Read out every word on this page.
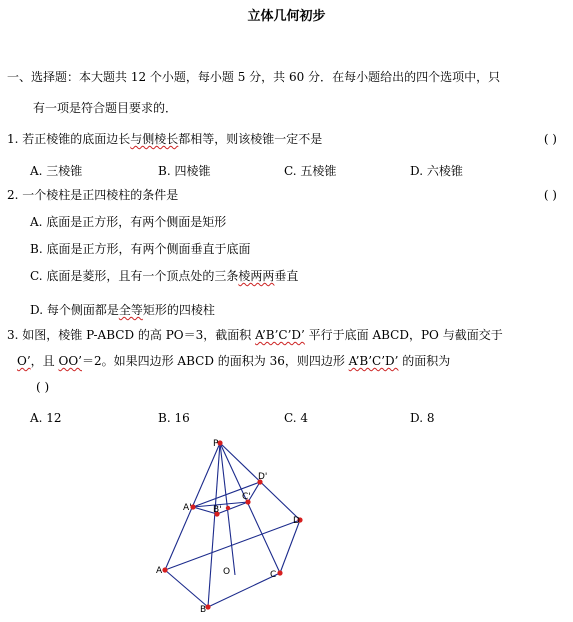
立体几何初步
一、选择题：本大题共 12 个小题，每小题 5 分，共 60 分．在每小题给出的四个选项中，只
有一项是符合题目要求的．
1. 若正棱锥的底面边长与侧棱长都相等，则该棱锥一定不是	( )
A. 三棱锥	B. 四棱锥	C. 五棱锥	D. 六棱锥
2. 一个棱柱是正四棱柱的条件是	( )
A. 底面是正方形，有两个侧面是矩形
B. 底面是正方形，有两个侧面垂直于底面
C. 底面是菱形，且有一个顶点处的三条棱两两垂直
D. 每个侧面都是全等矩形的四棱柱
3. 如图，棱锥 P-ABCD 的高 PO＝3，截面积 A’B’C’D’ 平行于底面 ABCD，PO 与截面交于
O’，且 OO’＝2。如果四边形 ABCD 的面积为 36，则四边形 A’B’C’D’ 的面积为
( )
A. 12	B. 16	C. 4	D. 8
P
A
B
C
D
O
A' B'
C'
D'
